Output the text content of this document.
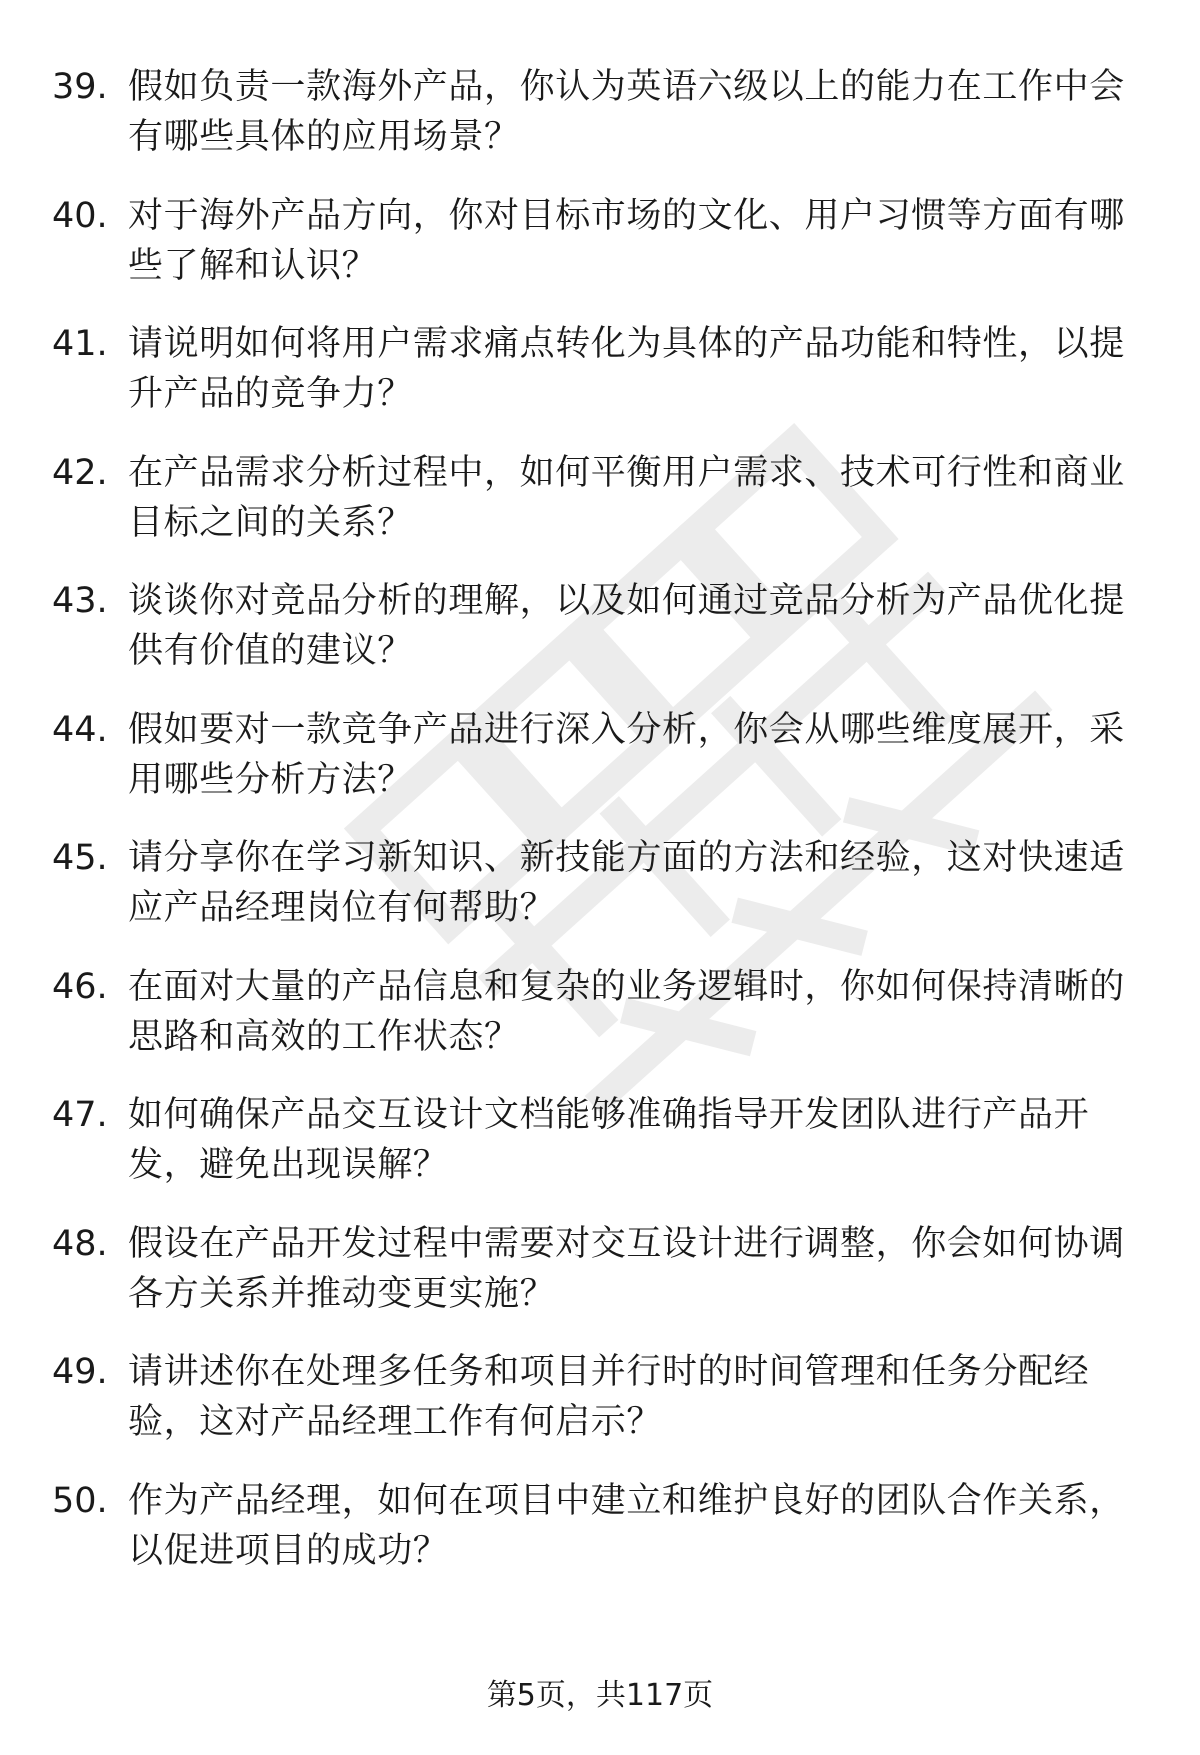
39. 假如负责一款海外产品，你认为英语六级以上的能力在工作中会有哪些具体的应用场景？
40. 对于海外产品方向，你对目标市场的文化、用户习惯等方面有哪些了解和认识？
41. 请说明如何将用户需求痛点转化为具体的产品功能和特性，以提升产品的竞争力？
42. 在产品需求分析过程中，如何平衡用户需求、技术可行性和商业目标之间的关系？
43. 谈谈你对竞品分析的理解，以及如何通过竞品分析为产品优化提供有价值的建议？
44. 假如要对一款竞争产品进行深入分析，你会从哪些维度展开，采用哪些分析方法？
45. 请分享你在学习新知识、新技能方面的方法和经验，这对快速适应产品经理岗位有何帮助？
46. 在面对大量的产品信息和复杂的业务逻辑时，你如何保持清晰的思路和高效的工作状态？
47. 如何确保产品交互设计文档能够准确指导开发团队进行产品开发，避免出现误解？
48. 假设在产品开发过程中需要对交互设计进行调整，你会如何协调各方关系并推动变更实施？
49. 请讲述你在处理多任务和项目并行时的时间管理和任务分配经验，这对产品经理工作有何启示？
50. 作为产品经理，如何在项目中建立和维护良好的团队合作关系，以促进项目的成功？
第5页，共117页
